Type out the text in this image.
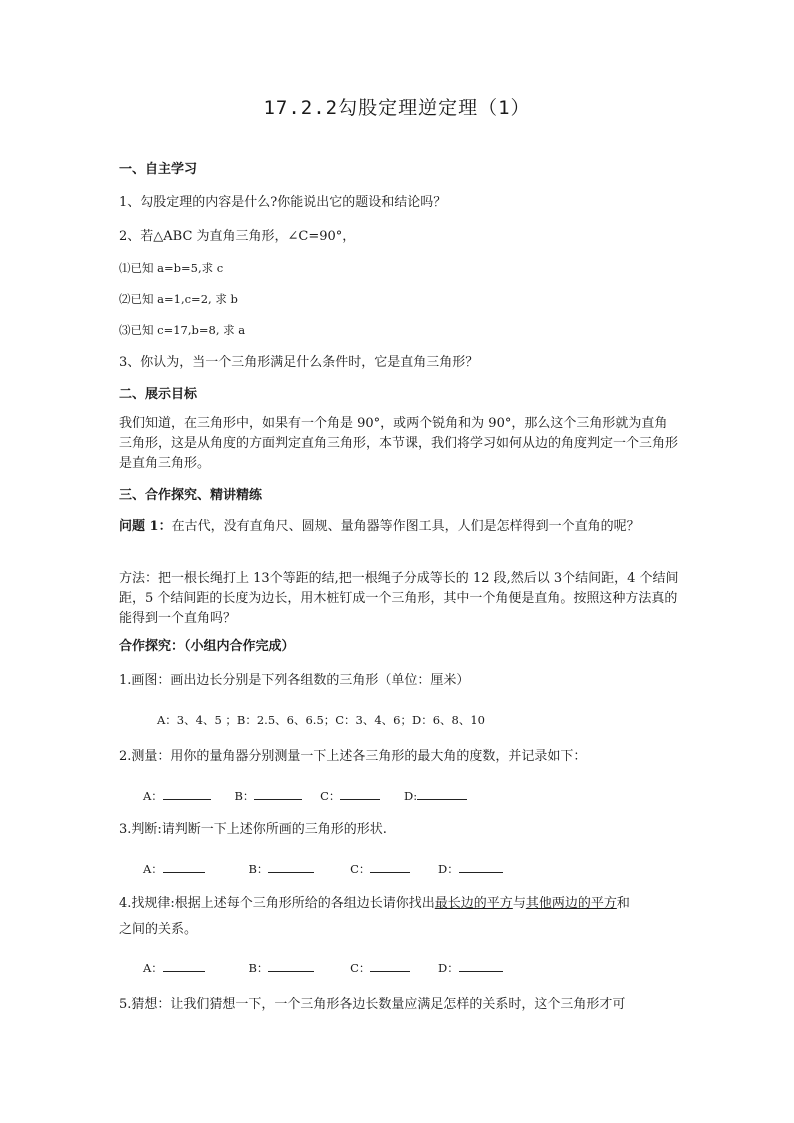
17.2.2勾股定理逆定理（1）
一、自主学习
1、勾股定理的内容是什么?你能说出它的题设和结论吗？
2、若△ABC 为直角三角形，∠C=90°，
⑴已知 a=b=5,求 c
⑵已知 a=1,c=2, 求 b
⑶已知 c=17,b=8, 求 a
3、你认为，当一个三角形满足什么条件时，它是直角三角形？
二、展示目标
我们知道，在三角形中，如果有一个角是 90°，或两个锐角和为 90°，那么这个三角形就为直角三角形，这是从角度的方面判定直角三角形，本节课，我们将学习如何从边的角度判定一个三角形是直角三角形。
三、合作探究、精讲精练
问题 1：在古代，没有直角尺、圆规、量角器等作图工具，人们是怎样得到一个直角的呢？
方法：把一根长绳打上 13个等距的结,把一根绳子分成等长的 12 段,然后以 3个结间距，4 个结间距，5 个结间距的长度为边长，用木桩钉成一个三角形，其中一个角便是直角。按照这种方法真的能得到一个直角吗？
合作探究：（小组内合作完成）
1.画图：画出边长分别是下列各组数的三角形（单位：厘米）
A：3、4、5 ；B：2.5、6、6.5；C：3、4、6；D：6、8、10
2.测量：用你的量角器分别测量一下上述各三角形的最大角的度数，并记录如下：
A：	B：	C：	D:
3.判断:请判断一下上述你所画的三角形的形状.
A：	B：	C：	D：
4.找规律:根据上述每个三角形所给的各组边长请你找出最长边的平方与其他两边的平方和
之间的关系。
A：	B：	C：	D：
5.猜想：让我们猜想一下，一个三角形各边长数量应满足怎样的关系时，这个三角形才可
